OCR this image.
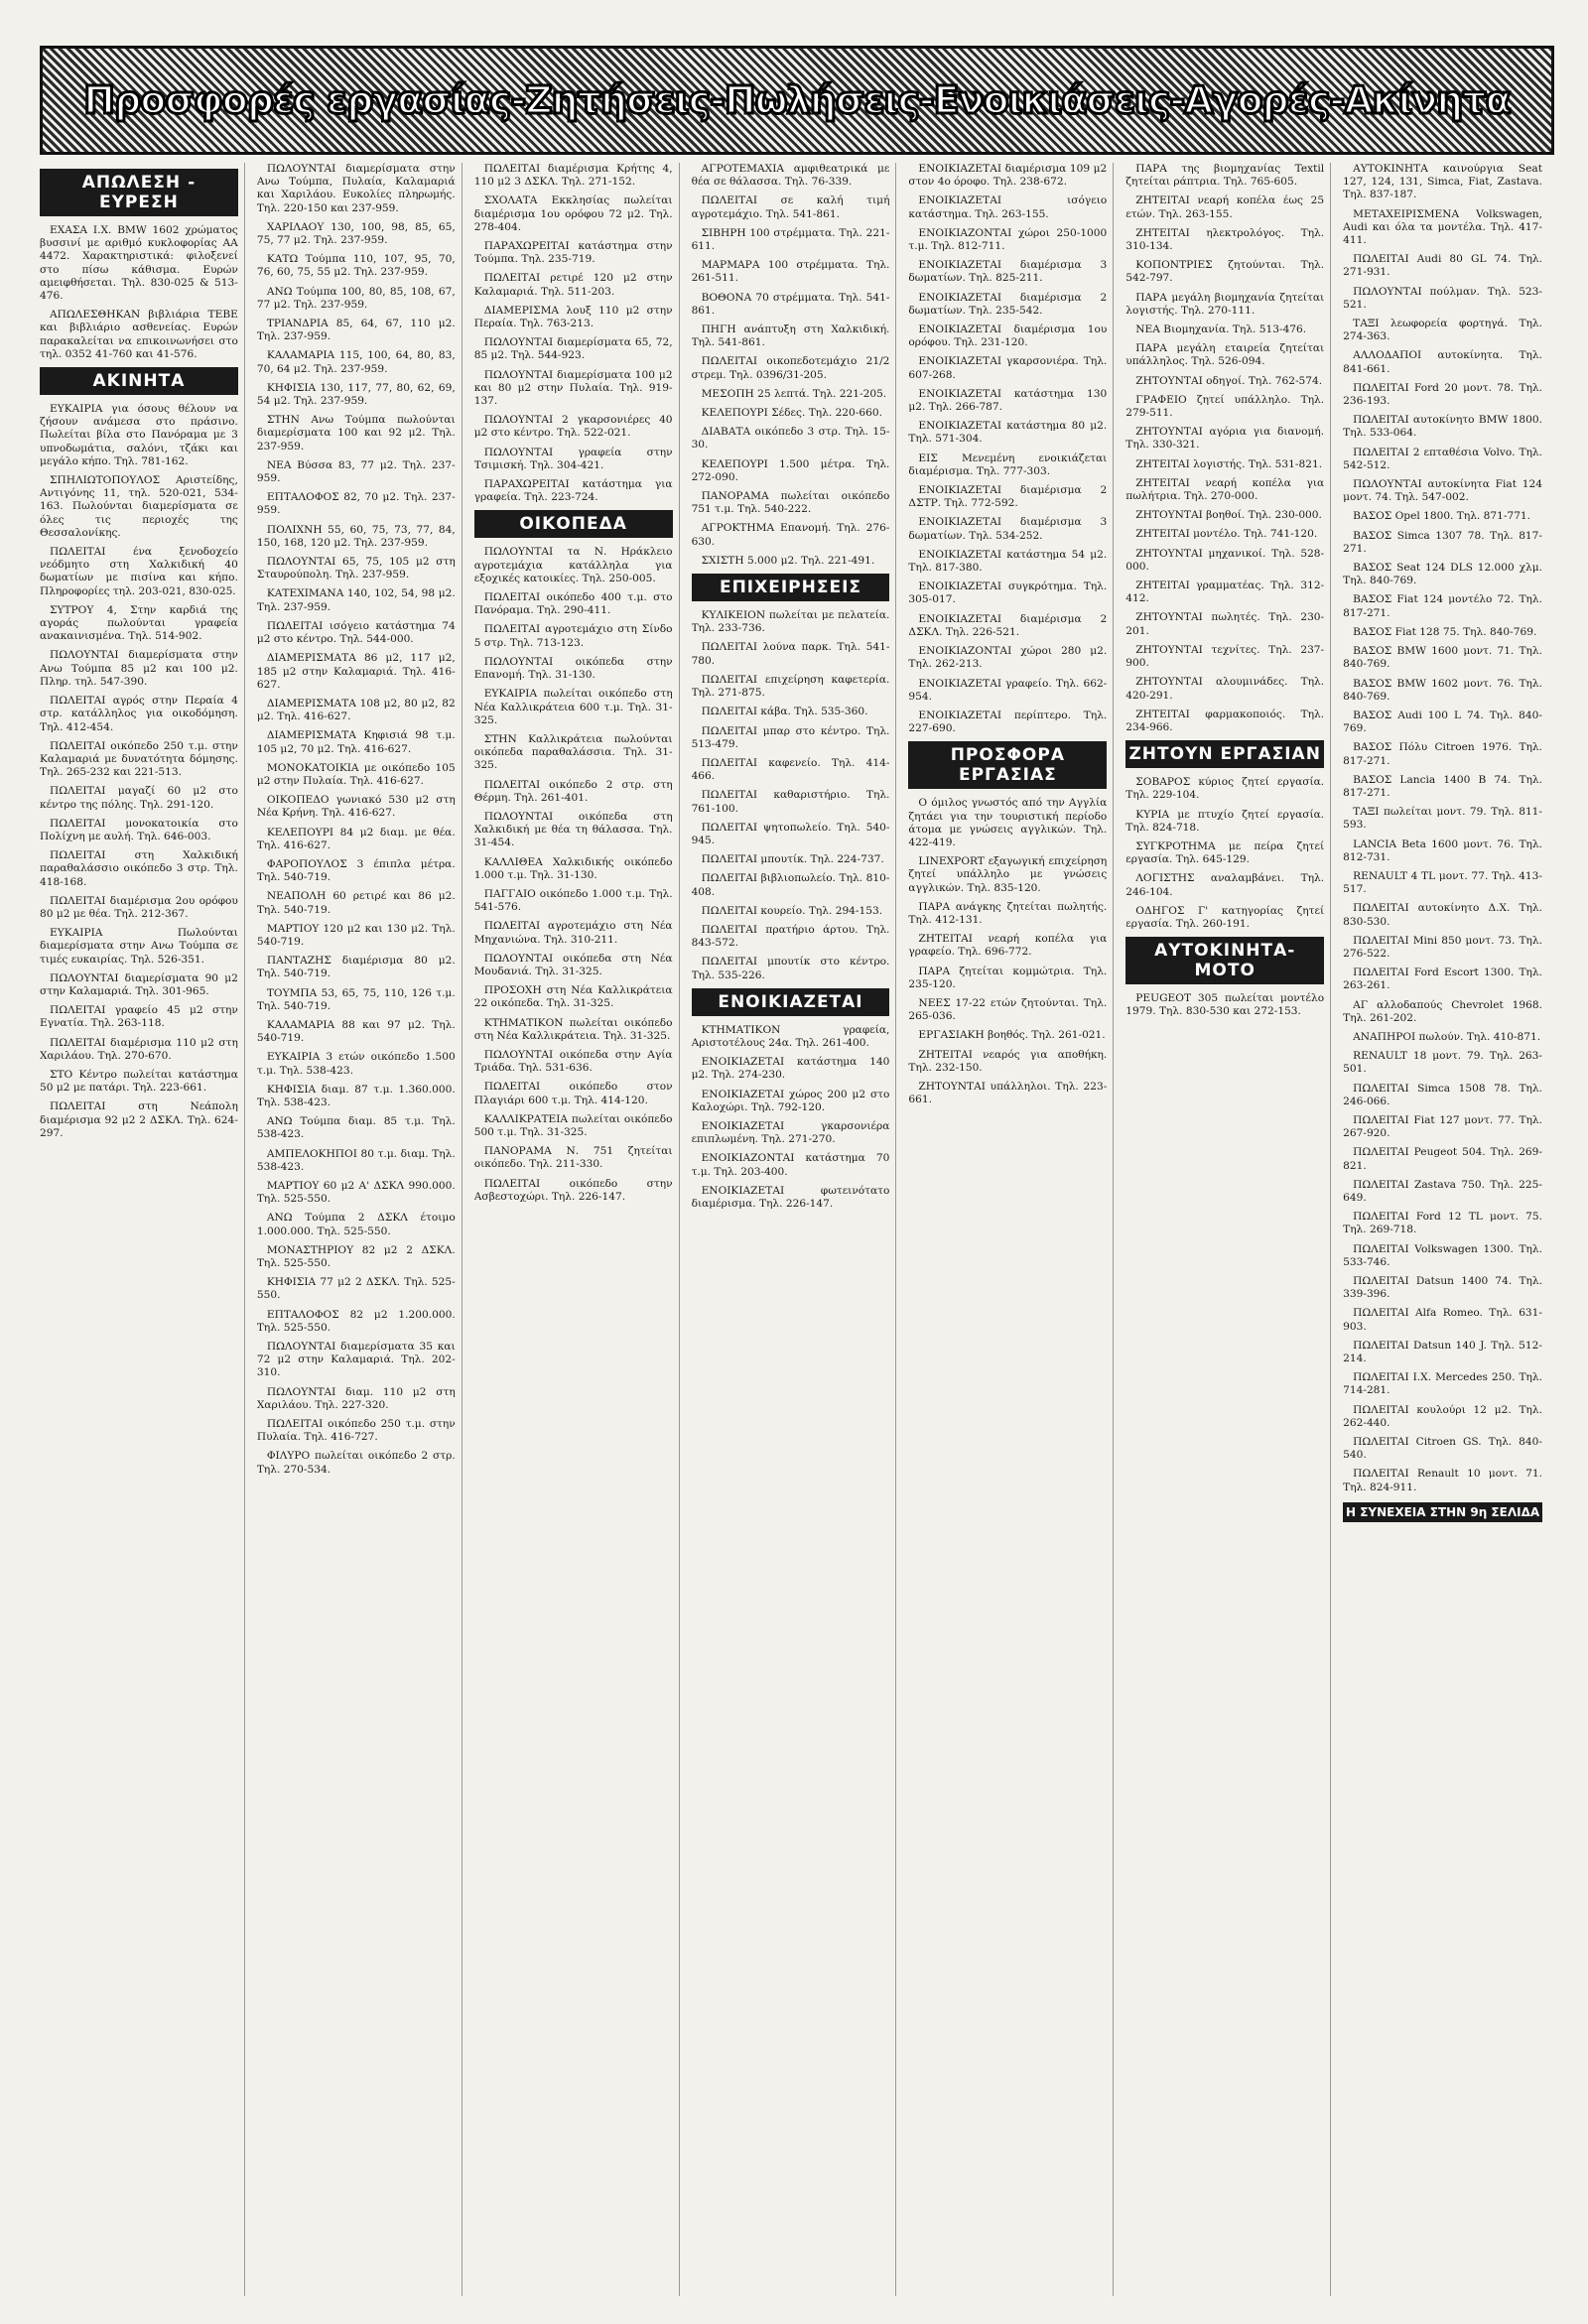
Προσφορές εργασίας-Ζητήσεις-Πωλήσεις-Ενοικιάσεις-Αγορές-Ακίνητα
ΑΠΩΛΕΣΗ - ΕΥΡΕΣΗ

ΕΧΑΣΑ Ι.Χ. BMW 1602 χρώματος βυσσινί με αριθμό κυκλοφορίας ΑΑ 4472. Χαρακτηριστικά: φιλοξενεί στο πίσω κάθισμα. Ευρών αμειφθήσεται. Τηλ. 830-025 & 513-476.

ΑΠΩΛΕΣΘΗΚΑΝ βιβλιάρια ΤΕΒΕ και βιβλιάριο ασθενείας. Ευρών παρακαλείται να επικοινωνήσει στο τηλ. 0352 41-760 και 41-576.

ΑΚΙΝΗΤΑ

ΕΥΚΑΙΡΙΑ για όσους θέλουν να ζήσουν ανάμεσα στο πράσινο. Πωλείται βίλα στο Πανόραμα με 3 υπνοδωμάτια, σαλόνι, τζάκι και μεγάλο κήπο. Τηλ. 781-162.

ΣΠΗΛΙΩΤΟΠΟΥΛΟΣ Αριστείδης, Αντιγόνης 11, τηλ. 520-021, 534-163. Πωλούνται διαμερίσματα σε όλες τις περιοχές της Θεσσαλονίκης.

ΠΩΛΕΙΤΑΙ ένα ξενοδοχείο νεόδμητο στη Χαλκιδική 40 δωματίων με πισίνα και κήπο. Πληροφορίες τηλ. 203-021, 830-025.

ΣΥΤΡΟΥ 4, Στην καρδιά της αγοράς πωλούνται γραφεία ανακαινισμένα. Τηλ. 514-902.

ΠΩΛΟΥΝΤΑΙ διαμερίσματα στην Ανω Τούμπα 85 μ2 και 100 μ2. Πληρ. τηλ. 547-390.

ΠΩΛΕΙΤΑΙ αγρός στην Περαία 4 στρ. κατάλληλος για οικοδόμηση. Τηλ. 412-454.

ΠΩΛΕΙΤΑΙ οικόπεδο 250 τ.μ. στην Καλαμαριά με δυνατότητα δόμησης. Τηλ. 265-232 και 221-513.

ΠΩΛΕΙΤΑΙ μαγαζί 60 μ2 στο κέντρο της πόλης. Τηλ. 291-120.

ΠΩΛΕΙΤΑΙ μονοκατοικία στο Πολίχνη με αυλή. Τηλ. 646-003.

ΠΩΛΕΙΤΑΙ στη Χαλκιδική παραθαλάσσιο οικόπεδο 3 στρ. Τηλ. 418-168.

ΠΩΛΕΙΤΑΙ διαμέρισμα 2ου ορόφου 80 μ2 με θέα. Τηλ. 212-367.

ΕΥΚΑΙΡΙΑ Πωλούνται διαμερίσματα στην Ανω Τούμπα σε τιμές ευκαιρίας. Τηλ. 526-351.

ΠΩΛΟΥΝΤΑΙ διαμερίσματα 90 μ2 στην Καλαμαριά. Τηλ. 301-965.

ΠΩΛΕΙΤΑΙ γραφείο 45 μ2 στην Εγνατία. Τηλ. 263-118.

ΠΩΛΕΙΤΑΙ διαμέρισμα 110 μ2 στη Χαριλάου. Τηλ. 270-670.

ΣΤΟ Κέντρο πωλείται κατάστημα 50 μ2 με πατάρι. Τηλ. 223-661.

ΠΩΛΕΙΤΑΙ στη Νεάπολη διαμέρισμα 92 μ2 2 ΔΣΚΛ. Τηλ. 624-297.

ΠΩΛΟΥΝΤΑΙ διαμερίσματα στην Ανω Τούμπα, Πυλαία, Καλαμαριά και Χαριλάου. Ευκολίες πληρωμής. Τηλ. 220-150 και 237-959.

ΧΑΡΙΛΑΟΥ 130, 100, 98, 85, 65, 75, 77 μ2. Τηλ. 237-959.

ΚΑΤΩ Τούμπα 110, 107, 95, 70, 76, 60, 75, 55 μ2. Τηλ. 237-959.

ΑΝΩ Τούμπα 100, 80, 85, 108, 67, 77 μ2. Τηλ. 237-959.

ΤΡΙΑΝΔΡΙΑ 85, 64, 67, 110 μ2. Τηλ. 237-959.

ΚΑΛΑΜΑΡΙΑ 115, 100, 64, 80, 83, 70, 64 μ2. Τηλ. 237-959.

ΚΗΦΙΣΙΑ 130, 117, 77, 80, 62, 69, 54 μ2. Τηλ. 237-959.

ΣΤΗΝ Ανω Τούμπα πωλούνται διαμερίσματα 100 και 92 μ2. Τηλ. 237-959.

ΝΕΑ Βύσσα 83, 77 μ2. Τηλ. 237-959.

ΕΠΤΑΛΟΦΟΣ 82, 70 μ2. Τηλ. 237-959.

ΠΟΛΙΧΝΗ 55, 60, 75, 73, 77, 84, 150, 168, 120 μ2. Τηλ. 237-959.

ΠΩΛΟΥΝΤΑΙ 65, 75, 105 μ2 στη Σταυρούπολη. Τηλ. 237-959.

ΚΑΤΕΧΙΜΑΝΑ 140, 102, 54, 98 μ2. Τηλ. 237-959.

ΠΩΛΕΙΤΑΙ ισόγειο κατάστημα 74 μ2 στο κέντρο. Τηλ. 544-000.

ΔΙΑΜΕΡΙΣΜΑΤΑ 86 μ2, 117 μ2, 185 μ2 στην Καλαμαριά. Τηλ. 416-627.

ΔΙΑΜΕΡΙΣΜΑΤΑ 108 μ2, 80 μ2, 82 μ2. Τηλ. 416-627.

ΔΙΑΜΕΡΙΣΜΑΤΑ Κηφισιά 98 τ.μ. 105 μ2, 70 μ2. Τηλ. 416-627.

ΜΟΝΟΚΑΤΟΙΚΙΑ με οικόπεδο 105 μ2 στην Πυλαία. Τηλ. 416-627.

ΟΙΚΟΠΕΔΟ γωνιακό 530 μ2 στη Νέα Κρήνη. Τηλ. 416-627.

ΚΕΛΕΠΟΥΡΙ 84 μ2 διαμ. με θέα. Τηλ. 416-627.

ΦΑΡΟΠΟΥΛΟΣ 3 έπιπλα μέτρα. Τηλ. 540-719.

ΝΕΑΠΟΛΗ 60 ρετιρέ και 86 μ2. Τηλ. 540-719.

ΜΑΡΤΙΟΥ 120 μ2 και 130 μ2. Τηλ. 540-719.

ΠΑΝΤΑΖΗΣ διαμέρισμα 80 μ2. Τηλ. 540-719.

ΤΟΥΜΠΑ 53, 65, 75, 110, 126 τ.μ. Τηλ. 540-719.

ΚΑΛΑΜΑΡΙΑ 88 και 97 μ2. Τηλ. 540-719.

ΕΥΚΑΙΡΙΑ 3 ετών οικόπεδο 1.500 τ.μ. Τηλ. 538-423.

ΚΗΦΙΣΙΑ διαμ. 87 τ.μ. 1.360.000. Τηλ. 538-423.

ΑΝΩ Τούμπα διαμ. 85 τ.μ. Τηλ. 538-423.

ΑΜΠΕΛΟΚΗΠΟΙ 80 τ.μ. διαμ. Τηλ. 538-423.

ΜΑΡΤΙΟΥ 60 μ2 Α' ΔΣΚΛ 990.000. Τηλ. 525-550.

ΑΝΩ Τούμπα 2 ΔΣΚΛ έτοιμο 1.000.000. Τηλ. 525-550.

ΜΟΝΑΣΤΗΡΙΟΥ 82 μ2 2 ΔΣΚΛ. Τηλ. 525-550.

ΚΗΦΙΣΙΑ 77 μ2 2 ΔΣΚΛ. Τηλ. 525-550.

ΕΠΤΑΛΟΦΟΣ 82 μ2 1.200.000. Τηλ. 525-550.

ΠΩΛΟΥΝΤΑΙ διαμερίσματα 35 και 72 μ2 στην Καλαμαριά. Τηλ. 202-310.

ΠΩΛΟΥΝΤΑΙ διαμ. 110 μ2 στη Χαριλάου. Τηλ. 227-320.

ΠΩΛΕΙΤΑΙ οικόπεδο 250 τ.μ. στην Πυλαία. Τηλ. 416-727.

ΦΙΛΥΡΟ πωλείται οικόπεδο 2 στρ. Τηλ. 270-534.

ΠΩΛΕΙΤΑΙ διαμέρισμα Κρήτης 4, 110 μ2 3 ΔΣΚΛ. Τηλ. 271-152.

ΣΧΟΛΑΤΑ Εκκλησίας πωλείται διαμέρισμα 1ου ορόφου 72 μ2. Τηλ. 278-404.

ΠΑΡΑΧΩΡΕΙΤΑΙ κατάστημα στην Τούμπα. Τηλ. 235-719.

ΠΩΛΕΙΤΑΙ ρετιρέ 120 μ2 στην Καλαμαριά. Τηλ. 511-203.

ΔΙΑΜΕΡΙΣΜΑ λουξ 110 μ2 στην Περαία. Τηλ. 763-213.

ΠΩΛΟΥΝΤΑΙ διαμερίσματα 65, 72, 85 μ2. Τηλ. 544-923.

ΠΩΛΟΥΝΤΑΙ διαμερίσματα 100 μ2 και 80 μ2 στην Πυλαία. Τηλ. 919-137.

ΠΩΛΟΥΝΤΑΙ 2 γκαρσονιέρες 40 μ2 στο κέντρο. Τηλ. 522-021.

ΠΩΛΟΥΝΤΑΙ γραφεία στην Τσιμισκή. Τηλ. 304-421.

ΠΑΡΑΧΩΡΕΙΤΑΙ κατάστημα για γραφεία. Τηλ. 223-724.

ΟΙΚΟΠΕΔΑ

ΠΩΛΟΥΝΤΑΙ τα Ν. Ηράκλειο αγροτεμάχια κατάλληλα για εξοχικές κατοικίες. Τηλ. 250-005.

ΠΩΛΕΙΤΑΙ οικόπεδο 400 τ.μ. στο Πανόραμα. Τηλ. 290-411.

ΠΩΛΕΙΤΑΙ αγροτεμάχιο στη Σίνδο 5 στρ. Τηλ. 713-123.

ΠΩΛΟΥΝΤΑΙ οικόπεδα στην Επανομή. Τηλ. 31-130.

ΕΥΚΑΙΡΙΑ πωλείται οικόπεδο στη Νέα Καλλικράτεια 600 τ.μ. Τηλ. 31-325.

ΣΤΗΝ Καλλικράτεια πωλούνται οικόπεδα παραθαλάσσια. Τηλ. 31-325.

ΠΩΛΕΙΤΑΙ οικόπεδο 2 στρ. στη Θέρμη. Τηλ. 261-401.

ΠΩΛΟΥΝΤΑΙ οικόπεδα στη Χαλκιδική με θέα τη θάλασσα. Τηλ. 31-454.

ΚΑΛΛΙΘΕΑ Χαλκιδικής οικόπεδο 1.000 τ.μ. Τηλ. 31-130.

ΠΑΓΓΑΙΟ οικόπεδο 1.000 τ.μ. Τηλ. 541-576.

ΠΩΛΕΙΤΑΙ αγροτεμάχιο στη Νέα Μηχανιώνα. Τηλ. 310-211.

ΠΩΛΟΥΝΤΑΙ οικόπεδα στη Νέα Μουδανιά. Τηλ. 31-325.

ΠΡΟΣΟΧΗ στη Νέα Καλλικράτεια 22 οικόπεδα. Τηλ. 31-325.

ΚΤΗΜΑΤΙΚΟΝ πωλείται οικόπεδο στη Νέα Καλλικράτεια. Τηλ. 31-325.

ΠΩΛΟΥΝΤΑΙ οικόπεδα στην Αγία Τριάδα. Τηλ. 531-636.

ΠΩΛΕΙΤΑΙ οικόπεδο στον Πλαγιάρι 600 τ.μ. Τηλ. 414-120.

ΚΑΛΛΙΚΡΑΤΕΙΑ πωλείται οικόπεδο 500 τ.μ. Τηλ. 31-325.

ΠΑΝΟΡΑΜΑ Ν. 751 ζητείται οικόπεδο. Τηλ. 211-330.

ΠΩΛΕΙΤΑΙ οικόπεδο στην Ασβεστοχώρι. Τηλ. 226-147.

ΑΓΡΟΤΕΜΑΧΙΑ αμφιθεατρικά με θέα σε θάλασσα. Τηλ. 76-339.

ΠΩΛΕΙΤΑΙ σε καλή τιμή αγροτεμάχιο. Τηλ. 541-861.

ΣΙΒΗΡΗ 100 στρέμματα. Τηλ. 221-611.

ΜΑΡΜΑΡΑ 100 στρέμματα. Τηλ. 261-511.

ΒΟΘΟΝΑ 70 στρέμματα. Τηλ. 541-861.

ΠΗΓΗ ανάπτυξη στη Χαλκιδική. Τηλ. 541-861.

ΠΩΛΕΙΤΑΙ οικοπεδοτεμάχιο 21/2 στρεμ. Τηλ. 0396/31-205.

ΜΕΣΟΠΗ 25 λεπτά. Τηλ. 221-205.

ΚΕΛΕΠΟΥΡΙ Σέδες. Τηλ. 220-660.

ΔΙΑΒΑΤΑ οικόπεδο 3 στρ. Τηλ. 15-30.

ΚΕΛΕΠΟΥΡΙ 1.500 μέτρα. Τηλ. 272-090.

ΠΑΝΟΡΑΜΑ πωλείται οικόπεδο 751 τ.μ. Τηλ. 540-222.

ΑΓΡΟΚΤΗΜΑ Επανομή. Τηλ. 276-630.

ΣΧΙΣΤΗ 5.000 μ2. Τηλ. 221-491.

ΕΠΙΧΕΙΡΗΣΕΙΣ

ΚΥΛΙΚΕΙΟΝ πωλείται με πελατεία. Τηλ. 233-736.

ΠΩΛΕΙΤΑΙ λούνα παρκ. Τηλ. 541-780.

ΠΩΛΕΙΤΑΙ επιχείρηση καφετερία. Τηλ. 271-875.

ΠΩΛΕΙΤΑΙ κάβα. Τηλ. 535-360.

ΠΩΛΕΙΤΑΙ μπαρ στο κέντρο. Τηλ. 513-479.

ΠΩΛΕΙΤΑΙ καφενείο. Τηλ. 414-466.

ΠΩΛΕΙΤΑΙ καθαριστήριο. Τηλ. 761-100.

ΠΩΛΕΙΤΑΙ ψητοπωλείο. Τηλ. 540-945.

ΠΩΛΕΙΤΑΙ μπουτίκ. Τηλ. 224-737.

ΠΩΛΕΙΤΑΙ βιβλιοπωλείο. Τηλ. 810-408.

ΠΩΛΕΙΤΑΙ κουρείο. Τηλ. 294-153.

ΠΩΛΕΙΤΑΙ πρατήριο άρτου. Τηλ. 843-572.

ΠΩΛΕΙΤΑΙ μπουτίκ στο κέντρο. Τηλ. 535-226.

ΕΝΟΙΚΙΑΖΕΤΑΙ

ΚΤΗΜΑΤΙΚΟΝ γραφεία, Αριστοτέλους 24α. Τηλ. 261-400.

ΕΝΟΙΚΙΑΖΕΤΑΙ κατάστημα 140 μ2. Τηλ. 274-230.

ΕΝΟΙΚΙΑΖΕΤΑΙ χώρος 200 μ2 στο Καλοχώρι. Τηλ. 792-120.

ΕΝΟΙΚΙΑΖΕΤΑΙ γκαρσονιέρα επιπλωμένη. Τηλ. 271-270.

ΕΝΟΙΚΙΑΖΟΝΤΑΙ κατάστημα 70 τ.μ. Τηλ. 203-400.

ΕΝΟΙΚΙΑΖΕΤΑΙ φωτεινότατο διαμέρισμα. Τηλ. 226-147.

ΕΝΟΙΚΙΑΖΕΤΑΙ διαμέρισμα 109 μ2 στον 4ο όροφο. Τηλ. 238-672.

ΕΝΟΙΚΙΑΖΕΤΑΙ ισόγειο κατάστημα. Τηλ. 263-155.

ΕΝΟΙΚΙΑΖΟΝΤΑΙ χώροι 250-1000 τ.μ. Τηλ. 812-711.

ΕΝΟΙΚΙΑΖΕΤΑΙ διαμέρισμα 3 δωματίων. Τηλ. 825-211.

ΕΝΟΙΚΙΑΖΕΤΑΙ διαμέρισμα 2 δωματίων. Τηλ. 235-542.

ΕΝΟΙΚΙΑΖΕΤΑΙ διαμέρισμα 1ου ορόφου. Τηλ. 231-120.

ΕΝΟΙΚΙΑΖΕΤΑΙ γκαρσονιέρα. Τηλ. 607-268.

ΕΝΟΙΚΙΑΖΕΤΑΙ κατάστημα 130 μ2. Τηλ. 266-787.

ΕΝΟΙΚΙΑΖΕΤΑΙ κατάστημα 80 μ2. Τηλ. 571-304.

ΕΙΣ Μενεμένη ενοικιάζεται διαμέρισμα. Τηλ. 777-303.

ΕΝΟΙΚΙΑΖΕΤΑΙ διαμέρισμα 2 ΔΣΤΡ. Τηλ. 772-592.

ΕΝΟΙΚΙΑΖΕΤΑΙ διαμέρισμα 3 δωματίων. Τηλ. 534-252.

ΕΝΟΙΚΙΑΖΕΤΑΙ κατάστημα 54 μ2. Τηλ. 817-380.

ΕΝΟΙΚΙΑΖΕΤΑΙ συγκρότημα. Τηλ. 305-017.

ΕΝΟΙΚΙΑΖΕΤΑΙ διαμέρισμα 2 ΔΣΚΛ. Τηλ. 226-521.

ΕΝΟΙΚΙΑΖΟΝΤΑΙ χώροι 280 μ2. Τηλ. 262-213.

ΕΝΟΙΚΙΑΖΕΤΑΙ γραφείο. Τηλ. 662-954.

ΕΝΟΙΚΙΑΖΕΤΑΙ περίπτερο. Τηλ. 227-690.

ΠΡΟΣΦΟΡΑ ΕΡΓΑΣΙΑΣ

Ο όμιλος γνωστός από την Αγγλία ζητάει για την τουριστική περίοδο άτομα με γνώσεις αγγλικών. Τηλ. 422-419.

LINEXPORT εξαγωγική επιχείρηση ζητεί υπάλληλο με γνώσεις αγγλικών. Τηλ. 835-120.

ΠΑΡΑ ανάγκης ζητείται πωλητής. Τηλ. 412-131.

ΖΗΤΕΙΤΑΙ νεαρή κοπέλα για γραφείο. Τηλ. 696-772.

ΠΑΡΑ ζητείται κομμώτρια. Τηλ. 235-120.

ΝΕΕΣ 17-22 ετών ζητούνται. Τηλ. 265-036.

ΕΡΓΑΣΙΑΚΗ βοηθός. Τηλ. 261-021.

ΖΗΤΕΙΤΑΙ νεαρός για αποθήκη. Τηλ. 232-150.

ΖΗΤΟΥΝΤΑΙ υπάλληλοι. Τηλ. 223-661.

ΠΑΡΑ της βιομηχανίας Textil ζητείται ράπτρια. Τηλ. 765-605.

ΖΗΤΕΙΤΑΙ νεαρή κοπέλα έως 25 ετών. Τηλ. 263-155.

ΖΗΤΕΙΤΑΙ ηλεκτρολόγος. Τηλ. 310-134.

ΚΟΠΟΝΤΡΙΕΣ ζητούνται. Τηλ. 542-797.

ΠΑΡΑ μεγάλη βιομηχανία ζητείται λογιστής. Τηλ. 270-111.

ΝΕΑ Βιομηχανία. Τηλ. 513-476.

ΠΑΡΑ μεγάλη εταιρεία ζητείται υπάλληλος. Τηλ. 526-094.

ΖΗΤΟΥΝΤΑΙ οδηγοί. Τηλ. 762-574.

ΓΡΑΦΕΙΟ ζητεί υπάλληλο. Τηλ. 279-511.

ΖΗΤΟΥΝΤΑΙ αγόρια για διανομή. Τηλ. 330-321.

ΖΗΤΕΙΤΑΙ λογιστής. Τηλ. 531-821.

ΖΗΤΕΙΤΑΙ νεαρή κοπέλα για πωλήτρια. Τηλ. 270-000.

ΖΗΤΟΥΝΤΑΙ βοηθοί. Τηλ. 230-000.

ΖΗΤΕΙΤΑΙ μοντέλο. Τηλ. 741-120.

ΖΗΤΟΥΝΤΑΙ μηχανικοί. Τηλ. 528-000.

ΖΗΤΕΙΤΑΙ γραμματέας. Τηλ. 312-412.

ΖΗΤΟΥΝΤΑΙ πωλητές. Τηλ. 230-201.

ΖΗΤΟΥΝΤΑΙ τεχνίτες. Τηλ. 237-900.

ΖΗΤΟΥΝΤΑΙ αλουμινάδες. Τηλ. 420-291.

ΖΗΤΕΙΤΑΙ φαρμακοποιός. Τηλ. 234-966.

ΖΗΤΟΥΝ ΕΡΓΑΣΙΑΝ

ΣΟΒΑΡΟΣ κύριος ζητεί εργασία. Τηλ. 229-104.

ΚΥΡΙΑ με πτυχίο ζητεί εργασία. Τηλ. 824-718.

ΣΥΓΚΡΟΤΗΜΑ με πείρα ζητεί εργασία. Τηλ. 645-129.

ΛΟΓΙΣΤΗΣ αναλαμβάνει. Τηλ. 246-104.

ΟΔΗΓΟΣ Γ' κατηγορίας ζητεί εργασία. Τηλ. 260-191.

ΑΥΤΟΚΙΝΗΤΑ-ΜΟΤΟ

PEUGEOT 305 πωλείται μοντέλο 1979. Τηλ. 830-530 και 272-153.

ΑΥΤΟΚΙΝΗΤΑ καινούργια Seat 127, 124, 131, Simca, Fiat, Zastava. Τηλ. 837-187.

ΜΕΤΑΧΕΙΡΙΣΜΕΝΑ Volkswagen, Audi και όλα τα μοντέλα. Τηλ. 417-411.

ΠΩΛΕΙΤΑΙ Audi 80 GL 74. Τηλ. 271-931.

ΠΩΛΟΥΝΤΑΙ πούλμαν. Τηλ. 523-521.

ΤΑΞΙ λεωφορεία φορτηγά. Τηλ. 274-363.

ΑΛΛΟΔΑΠΟΙ αυτοκίνητα. Τηλ. 841-661.

ΠΩΛΕΙΤΑΙ Ford 20 μοντ. 78. Τηλ. 236-193.

ΠΩΛΕΙΤΑΙ αυτοκίνητο BMW 1800. Τηλ. 533-064.

ΠΩΛΕΙΤΑΙ 2 επταθέσια Volvo. Τηλ. 542-512.

ΠΩΛΟΥΝΤΑΙ αυτοκίνητα Fiat 124 μοντ. 74. Τηλ. 547-002.

ΒΑΣΟΣ Opel 1800. Τηλ. 871-771.

ΒΑΣΟΣ Simca 1307 78. Τηλ. 817-271.

ΒΑΣΟΣ Seat 124 DLS 12.000 χλμ. Τηλ. 840-769.

ΒΑΣΟΣ Fiat 124 μοντέλο 72. Τηλ. 817-271.

ΒΑΣΟΣ Fiat 128 75. Τηλ. 840-769.

ΒΑΣΟΣ BMW 1600 μοντ. 71. Τηλ. 840-769.

ΒΑΣΟΣ BMW 1602 μοντ. 76. Τηλ. 840-769.

ΒΑΣΟΣ Audi 100 L 74. Τηλ. 840-769.

ΒΑΣΟΣ Πόλυ Citroen 1976. Τηλ. 817-271.

ΒΑΣΟΣ Lancia 1400 B 74. Τηλ. 817-271.

ΤΑΞΙ πωλείται μοντ. 79. Τηλ. 811-593.

LANCIA Beta 1600 μοντ. 76. Τηλ. 812-731.

RENAULT 4 TL μοντ. 77. Τηλ. 413-517.

ΠΩΛΕΙΤΑΙ αυτοκίνητο Δ.Χ. Τηλ. 830-530.

ΠΩΛΕΙΤΑΙ Mini 850 μοντ. 73. Τηλ. 276-522.

ΠΩΛΕΙΤΑΙ Ford Escort 1300. Τηλ. 263-261.

ΑΓ αλλοδαπούς Chevrolet 1968. Τηλ. 261-202.

ΑΝΑΠΗΡΟΙ πωλούν. Τηλ. 410-871.

RENAULT 18 μοντ. 79. Τηλ. 263-501.

ΠΩΛΕΙΤΑΙ Simca 1508 78. Τηλ. 246-066.

ΠΩΛΕΙΤΑΙ Fiat 127 μοντ. 77. Τηλ. 267-920.

ΠΩΛΕΙΤΑΙ Peugeot 504. Τηλ. 269-821.

ΠΩΛΕΙΤΑΙ Zastava 750. Τηλ. 225-649.

ΠΩΛΕΙΤΑΙ Ford 12 TL μοντ. 75. Τηλ. 269-718.

ΠΩΛΕΙΤΑΙ Volkswagen 1300. Τηλ. 533-746.

ΠΩΛΕΙΤΑΙ Datsun 1400 74. Τηλ. 339-396.

ΠΩΛΕΙΤΑΙ Alfa Romeo. Τηλ. 631-903.

ΠΩΛΕΙΤΑΙ Datsun 140 J. Τηλ. 512-214.

ΠΩΛΕΙΤΑΙ Ι.Χ. Mercedes 250. Τηλ. 714-281.

ΠΩΛΕΙΤΑΙ κουλούρι 12 μ2. Τηλ. 262-440.

ΠΩΛΕΙΤΑΙ Citroen GS. Τηλ. 840-540.

ΠΩΛΕΙΤΑΙ Renault 10 μοντ. 71. Τηλ. 824-911.

Η ΣΥΝΕΧΕΙΑ ΣΤΗΝ 9η ΣΕΛΙΔΑ
